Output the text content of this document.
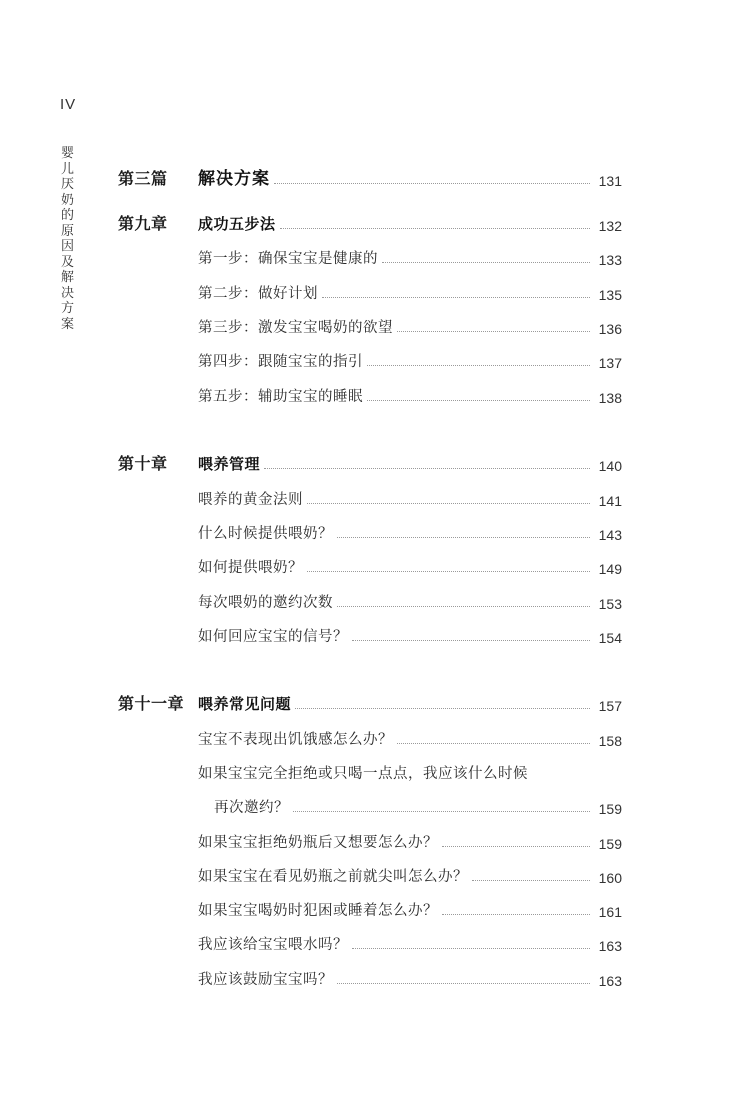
IV
婴儿厌奶的原因及解决方案
第三篇 解决方案	131
第九章 成功五步法	132
第一步：确保宝宝是健康的	133
第二步：做好计划	135
第三步：激发宝宝喝奶的欲望	136
第四步：跟随宝宝的指引	137
第五步：辅助宝宝的睡眠	138
第十章 喂养管理	140
喂养的黄金法则	141
什么时候提供喂奶？	143
如何提供喂奶？	149
每次喂奶的邀约次数	153
如何回应宝宝的信号？	154
第十一章 喂养常见问题	157
宝宝不表现出饥饿感怎么办？	158
如果宝宝完全拒绝或只喝一点点，我应该什么时候
再次邀约？	159
如果宝宝拒绝奶瓶后又想要怎么办？	159
如果宝宝在看见奶瓶之前就尖叫怎么办？	160
如果宝宝喝奶时犯困或睡着怎么办？	161
我应该给宝宝喂水吗？	163
我应该鼓励宝宝吗？	163
